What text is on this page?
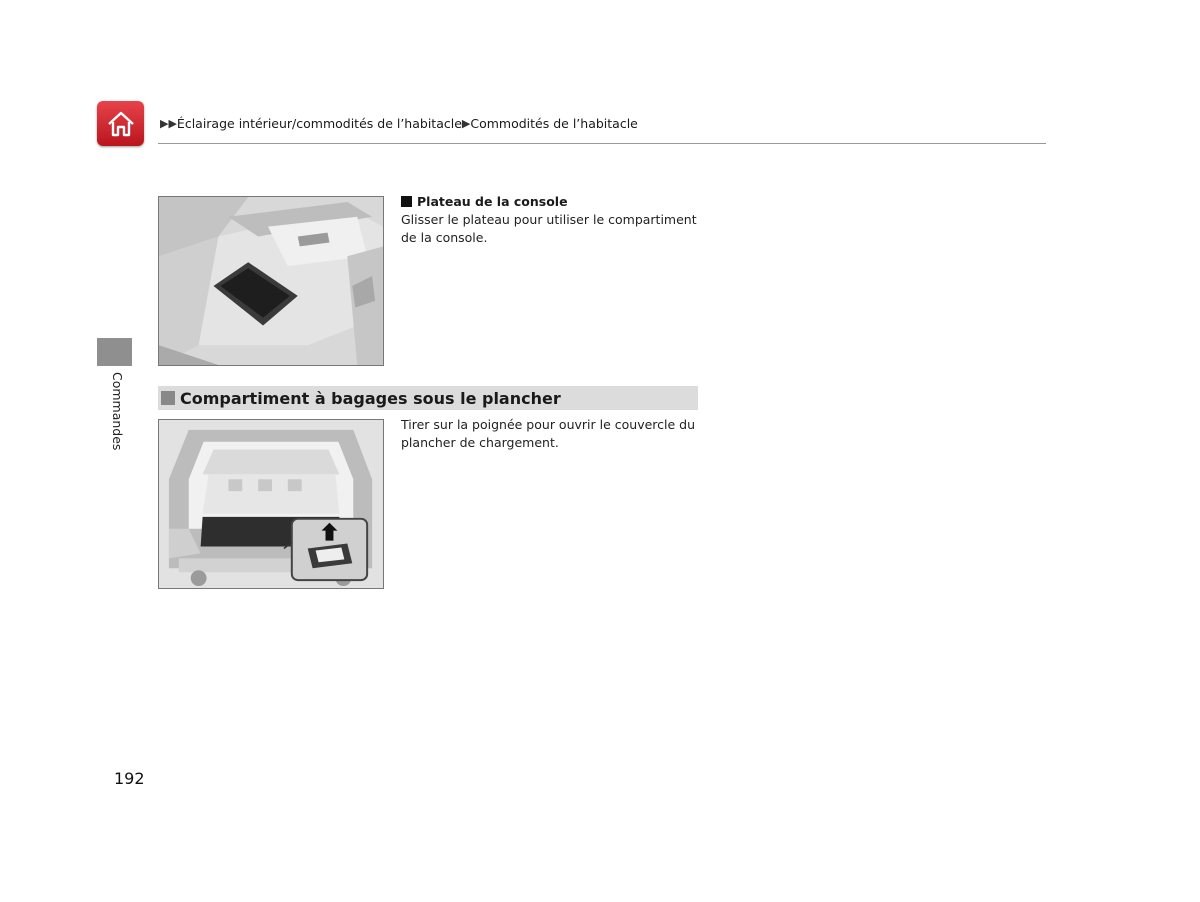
▶▶ Éclairage intérieur/commodités de l’habitacle ▶ Commodités de l’habitacle
Commandes
Plateau de la console
Glisser le plateau pour utiliser le compartiment de la console.
Compartiment à bagages sous le plancher
Tirer sur la poignée pour ouvrir le couvercle du plancher de chargement.
192
